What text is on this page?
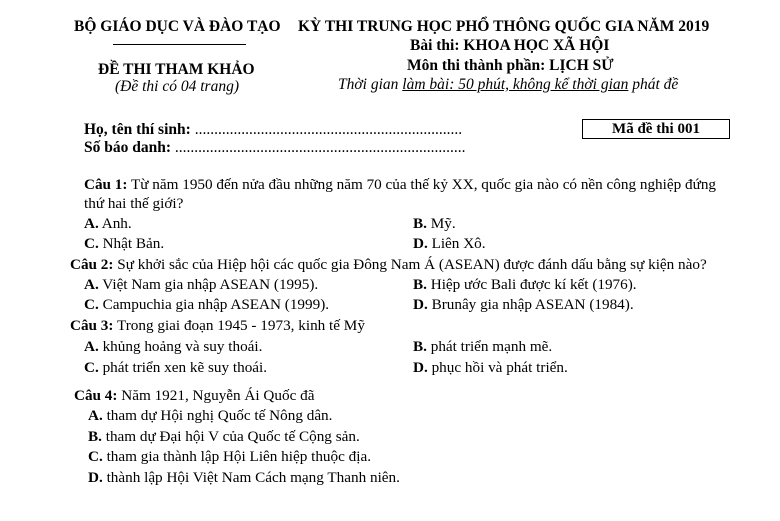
BỘ GIÁO DỤC VÀ ĐÀO TẠO KỲ THI TRUNG HỌC PHỔ THÔNG QUỐC GIA NĂM 2019
Bài thi: KHOA HỌC XÃ HỘI
ĐỀ THI THAM KHẢO	Môn thi thành phần: LỊCH SỬ
(Đề thi có 04 trang)	Thời gian làm bài: 50 phút, không kể thời gian phát đề
Họ, tên thí sinh: .....................................................................
Số báo danh: ...........................................................................
Mã đề thi 001
Câu 1: Từ năm 1950 đến nửa đầu những năm 70 của thế kỷ XX, quốc gia nào có nền công nghiệp đứng
thứ hai thế giới?
A. Anh.	B. Mỹ.
C. Nhật Bản.	D. Liên Xô.
Câu 2: Sự khởi sắc của Hiệp hội các quốc gia Đông Nam Á (ASEAN) được đánh dấu bằng sự kiện nào?
A. Việt Nam gia nhập ASEAN (1995).	B. Hiệp ước Bali được kí kết (1976).
C. Campuchia gia nhập ASEAN (1999).	D. Brunây gia nhập ASEAN (1984).
Câu 3: Trong giai đoạn 1945 - 1973, kinh tế Mỹ
A. khủng hoảng và suy thoái.	B. phát triển mạnh mẽ.
C. phát triển xen kẽ suy thoái.	D. phục hồi và phát triển.
Câu 4: Năm 1921, Nguyễn Ái Quốc đã
A. tham dự Hội nghị Quốc tế Nông dân.
B. tham dự Đại hội V của Quốc tế Cộng sản.
C. tham gia thành lập Hội Liên hiệp thuộc địa.
D. thành lập Hội Việt Nam Cách mạng Thanh niên.
